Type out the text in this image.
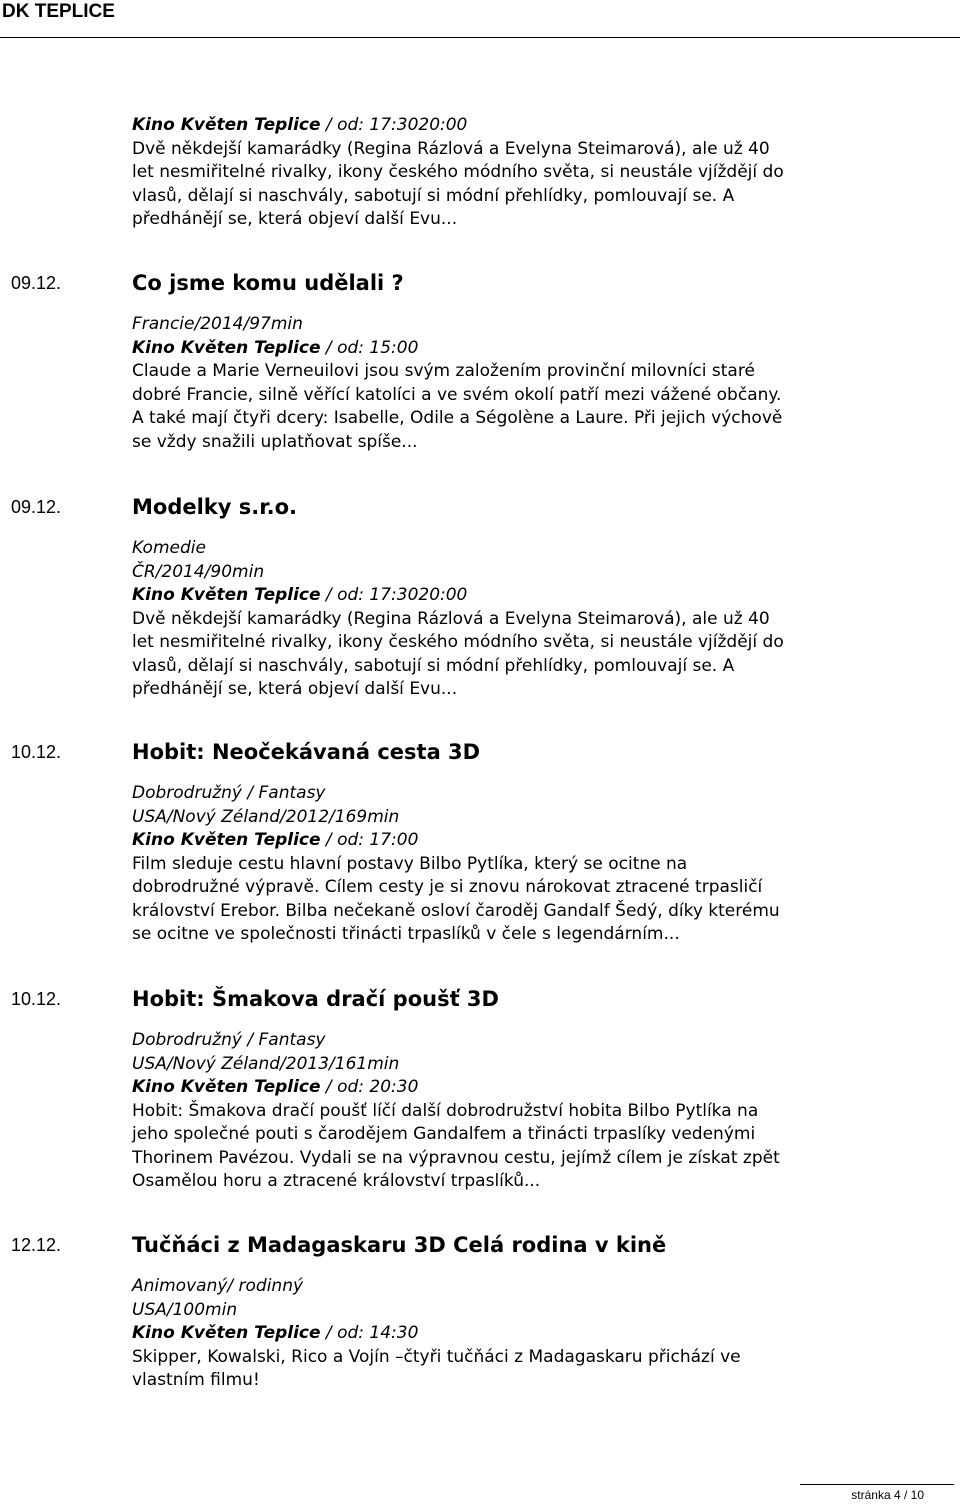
DK TEPLICE
Kino Květen Teplice / od: 17:3020:00
Dvě někdejší kamarádky (Regina Rázlová a Evelyna Steimarová), ale už 40
let nesmiřitelné rivalky, ikony českého módního světa, si neustále vjíždějí do
vlasů, dělají si naschvály, sabotují si módní přehlídky, pomlouvají se. A
předhánějí se, která objeví další Evu...
09.12.	Co jsme komu udělali ?
Francie/2014/97min
Kino Květen Teplice / od: 15:00
Claude a Marie Verneuilovi jsou svým založením provinční milovníci staré
dobré Francie, silně věřící katolíci a ve svém okolí patří mezi vážené občany.
A také mají čtyři dcery: Isabelle, Odile a Ségolène a Laure. Při jejich výchově
se vždy snažili uplatňovat spíše...
09.12.	Modelky s.r.o.
Komedie
ČR/2014/90min
Kino Květen Teplice / od: 17:3020:00
Dvě někdejší kamarádky (Regina Rázlová a Evelyna Steimarová), ale už 40
let nesmiřitelné rivalky, ikony českého módního světa, si neustále vjíždějí do
vlasů, dělají si naschvály, sabotují si módní přehlídky, pomlouvají se. A
předhánějí se, která objeví další Evu...
10.12.	Hobit: Neočekávaná cesta 3D
Dobrodružný / Fantasy
USA/Nový Zéland/2012/169min
Kino Květen Teplice / od: 17:00
Film sleduje cestu hlavní postavy Bilbo Pytlíka, který se ocitne na
dobrodružné výpravě. Cílem cesty je si znovu nárokovat ztracené trpasličí
království Erebor. Bilba nečekaně osloví čaroděj Gandalf Šedý, díky kterému
se ocitne ve společnosti třinácti trpaslíků v čele s legendárním...
10.12.	Hobit: Šmakova dračí poušť 3D
Dobrodružný / Fantasy
USA/Nový Zéland/2013/161min
Kino Květen Teplice / od: 20:30
Hobit: Šmakova dračí poušť líčí další dobrodružství hobita Bilbo Pytlíka na
jeho společné pouti s čarodějem Gandalfem a třinácti trpaslíky vedenými
Thorinem Pavézou. Vydali se na výpravnou cestu, jejímž cílem je získat zpět
Osamělou horu a ztracené království trpaslíků...
12.12.	Tučňáci z Madagaskaru 3D Celá rodina v kině
Animovaný/ rodinný
USA/100min
Kino Květen Teplice / od: 14:30
Skipper, Kowalski, Rico a Vojín –čtyři tučňáci z Madagaskaru přichází ve
vlastním filmu!
stránka 4 / 10
